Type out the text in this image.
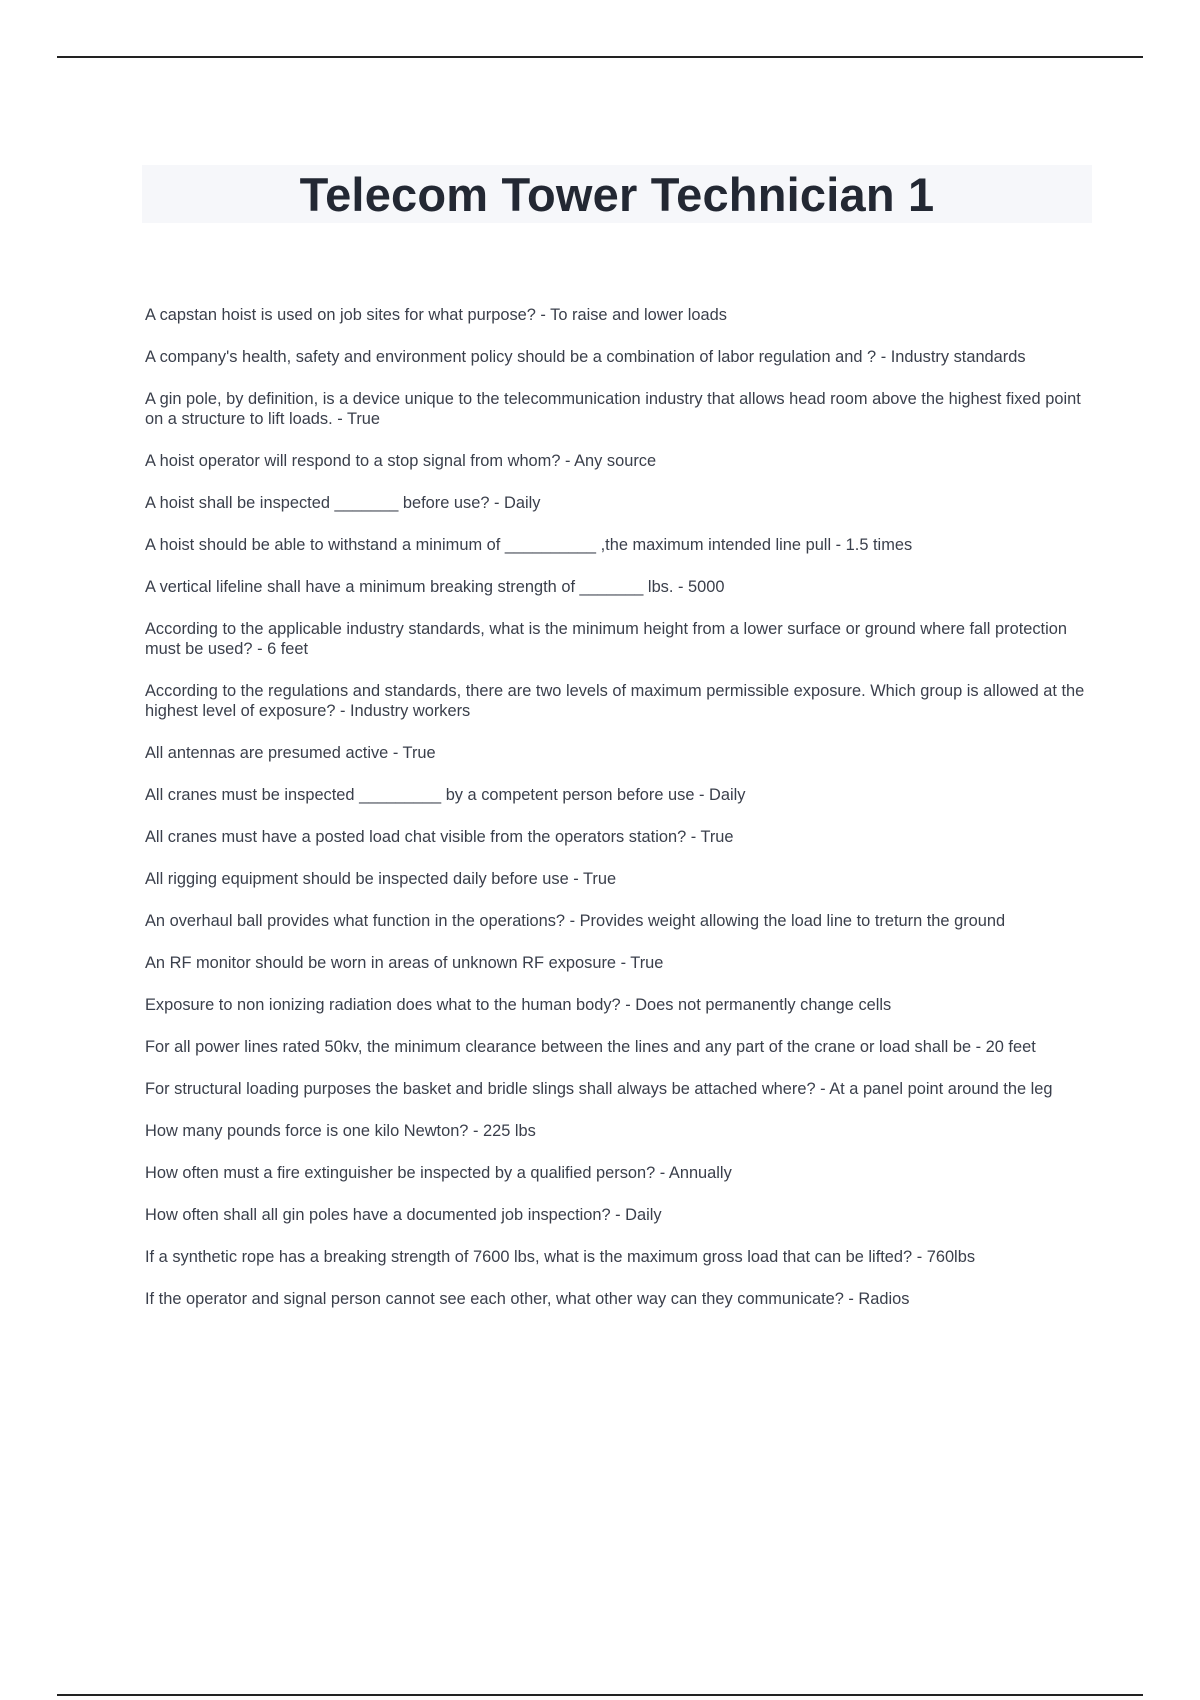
Telecom Tower Technician 1
A capstan hoist is used on job sites for what purpose? - To raise and lower loads
A company's health, safety and environment policy should be a combination of labor regulation and ? - Industry standards
A gin pole, by definition, is a device unique to the telecommunication industry that allows head room above the highest fixed point on a structure to lift loads. - True
A hoist operator will respond to a stop signal from whom? - Any source
A hoist shall be inspected _______ before use? - Daily
A hoist should be able to withstand a minimum of __________ ,the maximum intended line pull - 1.5 times
A vertical lifeline shall have a minimum breaking strength of _______ lbs. - 5000
According to the applicable industry standards, what is the minimum height from a lower surface or ground where fall protection must be used? - 6 feet
According to the regulations and standards, there are two levels of maximum permissible exposure. Which group is allowed at the highest level of exposure? - Industry workers
All antennas are presumed active - True
All cranes must be inspected _________ by a competent person before use - Daily
All cranes must have a posted load chat visible from the operators station? - True
All rigging equipment should be inspected daily before use - True
An overhaul ball provides what function in the operations? - Provides weight allowing the load line to treturn the ground
An RF monitor should be worn in areas of unknown RF exposure - True
Exposure to non ionizing radiation does what to the human body? - Does not permanently change cells
For all power lines rated 50kv, the minimum clearance between the lines and any part of the crane or load shall be - 20 feet
For structural loading purposes the basket and bridle slings shall always be attached where? - At a panel point around the leg
How many pounds force is one kilo Newton? - 225 lbs
How often must a fire extinguisher be inspected by a qualified person? - Annually
How often shall all gin poles have a documented job inspection? - Daily
If a synthetic rope has a breaking strength of 7600 lbs, what is the maximum gross load that can be lifted? - 760lbs
If the operator and signal person cannot see each other, what other way can they communicate? - Radios
